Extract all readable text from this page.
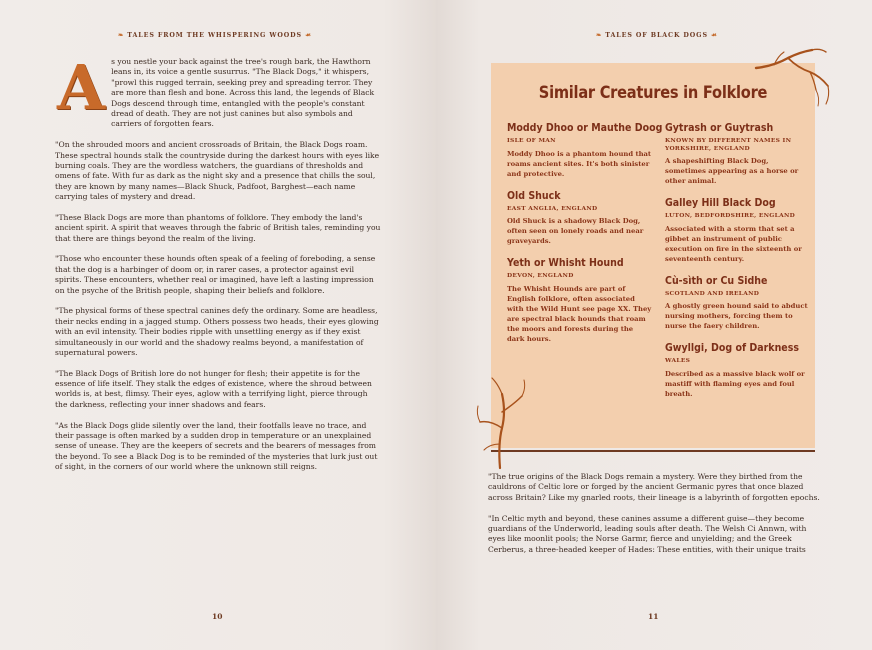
❧ TALES FROM THE WHISPERING WOODS ☙

As you nestle your back against the tree's rough bark, the Hawthorn leans in, its voice a gentle susurrus. "The Black Dogs," it whispers, "prowl this rugged terrain, seeking prey and spreading terror. They are more than flesh and bone. Across this land, the legends of Black Dogs descend through time, entangled with the people's constant dread of death. They are not just canines but also symbols and carriers of forgotten fears.

"On the shrouded moors and ancient crossroads of Britain, the Black Dogs roam. These spectral hounds stalk the countryside during the darkest hours with eyes like burning coals. They are the wordless watchers, the guardians of thresholds and omens of fate. With fur as dark as the night sky and a presence that chills the soul, they are known by many names—Black Shuck, Padfoot, Barghest—each name carrying tales of mystery and dread.

"These Black Dogs are more than phantoms of folklore. They embody the land's ancient spirit. A spirit that weaves through the fabric of British tales, reminding you that there are things beyond the realm of the living.

"Those who encounter these hounds often speak of a feeling of foreboding, a sense that the dog is a harbinger of doom or, in rarer cases, a protector against evil spirits. These encounters, whether real or imagined, have left a lasting impression on the psyche of the British people, shaping their beliefs and folklore.

"The physical forms of these spectral canines defy the ordinary. Some are headless, their necks ending in a jagged stump. Others possess two heads, their eyes glowing with an evil intensity. Their bodies ripple with unsettling energy as if they exist simultaneously in our world and the shadowy realms beyond, a manifestation of supernatural powers.

"The Black Dogs of British lore do not hunger for flesh; their appetite is for the essence of life itself. They stalk the edges of existence, where the shroud between worlds is, at best, flimsy. Their eyes, aglow with a terrifying light, pierce through the darkness, reflecting your inner shadows and fears.

"As the Black Dogs glide silently over the land, their footfalls leave no trace, and their passage is often marked by a sudden drop in temperature or an unexplained sense of unease. They are the keepers of secrets and the bearers of messages from the beyond. To see a Black Dog is to be reminded of the mysteries that lurk just out of sight, in the corners of our world where the unknown still reigns.

10
❧ TALES OF BLACK DOGS ☙
Similar Creatures in Folklore
Moddy Dhoo or Mauthe Doog
ISLE OF MAN
Moddy Dhoo is a phantom hound that roams ancient sites. It's both sinister and protective.
Old Shuck
EAST ANGLIA, ENGLAND
Old Shuck is a shadowy Black Dog, often seen on lonely roads and near graveyards.
Yeth or Whisht Hound
DEVON, ENGLAND
The Whisht Hounds are part of English folklore, often associated with the Wild Hunt see page XX. They are spectral black hounds that roam the moors and forests during the dark hours.
Gytrash or Guytrash
KNOWN BY DIFFERENT NAMES IN YORKSHIRE, ENGLAND
A shapeshifting Black Dog, sometimes appearing as a horse or other animal.
Galley Hill Black Dog
LUTON, BEDFORDSHIRE, ENGLAND
Associated with a storm that set a gibbet an instrument of public execution on fire in the sixteenth or seventeenth century.
Cù-sìth or Cu Sidhe
SCOTLAND AND IRELAND
A ghostly green hound said to abduct nursing mothers, forcing them to nurse the faery children.
Gwyllgi, Dog of Darkness
WALES
Described as a massive black wolf or mastiff with flaming eyes and foul breath.

"The true origins of the Black Dogs remain a mystery. Were they birthed from the cauldrons of Celtic lore or forged by the ancient Germanic pyres that once blazed across Britain? Like my gnarled roots, their lineage is a labyrinth of forgotten epochs.

"In Celtic myth and beyond, these canines assume a different guise—they become guardians of the Underworld, leading souls after death. The Welsh Ci Annwn, with eyes like moonlit pools; the Norse Garmr, fierce and unyielding; and the Greek Cerberus, a three-headed keeper of Hades: These entities, with their unique traits

11
